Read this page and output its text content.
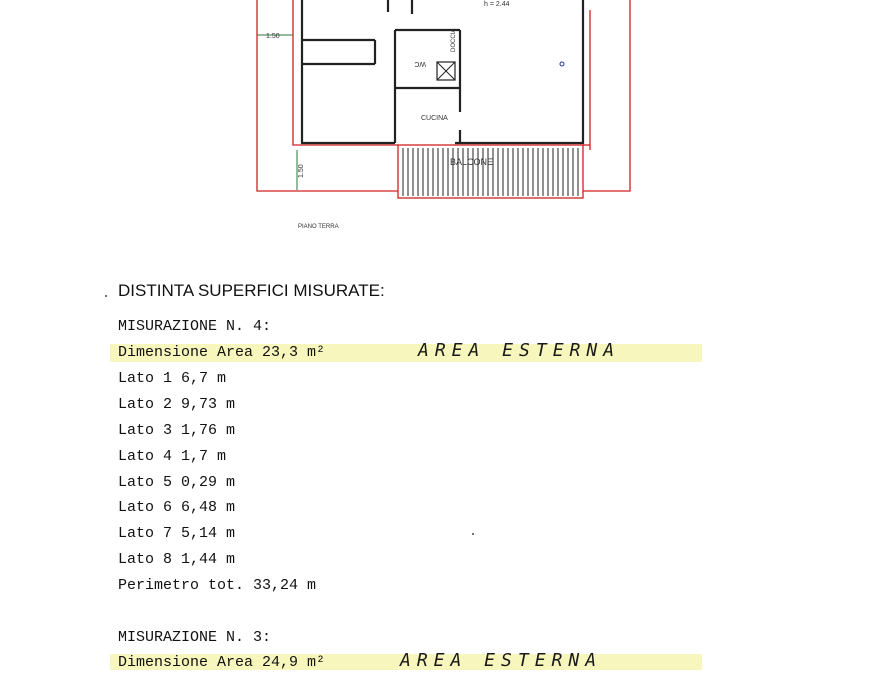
1.50
1.50
h = 2.44
WC
DOCCIA
CUCINA
BALCONE
PIANO TERRA
DISTINTA SUPERFICI MISURATE:
MISURAZIONE N. 4:
Dimensione Area 23,3 m²	AREA ESTERNA
Lato 1 6,7 m
Lato 2 9,73 m
Lato 3 1,76 m
Lato 4 1,7 m
Lato 5 0,29 m
Lato 6 6,48 m
Lato 7 5,14 m
Lato 8 1,44 m
Perimetro tot. 33,24 m
MISURAZIONE N. 3:
Dimensione Area 24,9 m²	AREA ESTERNA
